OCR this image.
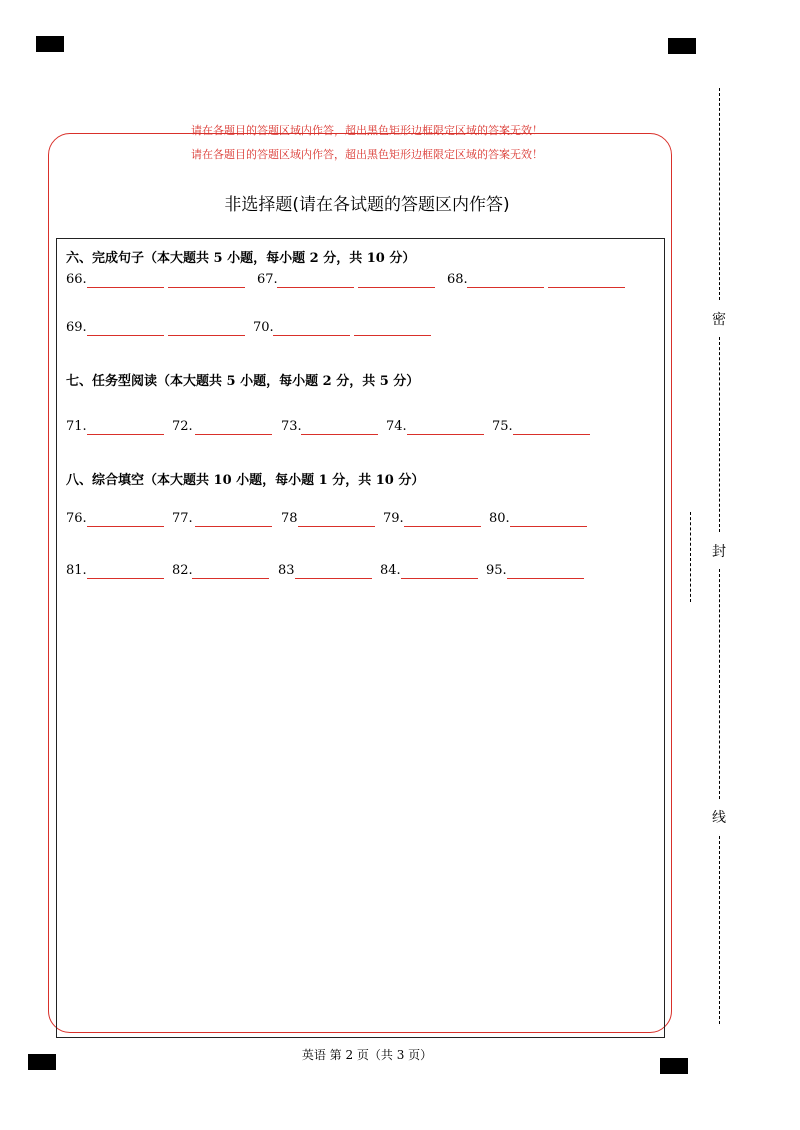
请在各题目的答题区域内作答，超出黑色矩形边框限定区域的答案无效！
请在各题目的答题区域内作答，超出黑色矩形边框限定区域的答案无效！
非选择题(请在各试题的答题区内作答)
六、完成句子（本大题共 5 小题，每小题 2 分，共 10 分）
66.	67.	68.
69.	70.
七、任务型阅读（本大题共 5 小题，每小题 2 分，共 5 分）
71.	72.	73.	74.	75.
八、综合填空（本大题共 10 小题，每小题 1 分，共 10 分）
76.	77.	78	79.	80.
81.	82.	83	84.	95.
英语 第 2 页（共 3 页）
密
封
线
